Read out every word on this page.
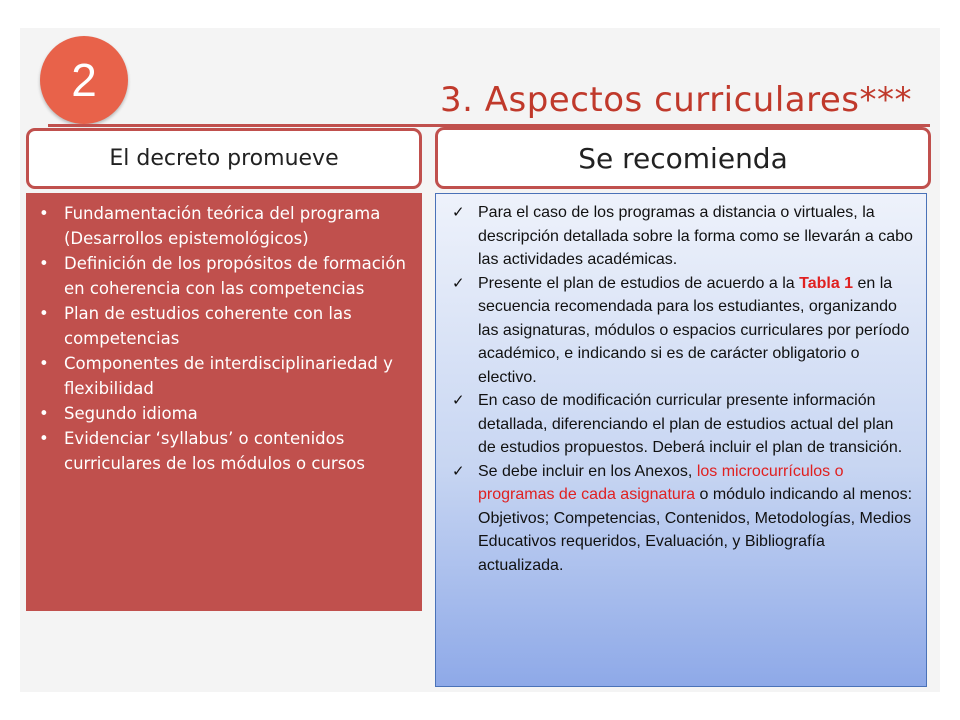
2	3. Aspectos curriculares***
El decreto promueve	Se recomienda
• Fundamentación teórica del programa (Desarrollos epistemológicos)
• Definición de los propósitos de formación en coherencia con las competencias
• Plan de estudios coherente con las competencias
• Componentes de interdisciplinariedad y flexibilidad
• Segundo idioma
• Evidenciar ‘syllabus’ o contenidos curriculares de los módulos o cursos
✓ Para el caso de los programas a distancia o virtuales, la descripción detallada sobre la forma como se llevarán a cabo las actividades académicas.
✓ Presente el plan de estudios de acuerdo a la Tabla 1 en la secuencia recomendada para los estudiantes, organizando las asignaturas, módulos o espacios curriculares por período académico, e indicando si es de carácter obligatorio o electivo.
✓ En caso de modificación curricular presente información detallada, diferenciando el plan de estudios actual del plan de estudios propuestos. Deberá incluir el plan de transición.
✓ Se debe incluir en los Anexos, los microcurrículos o programas de cada asignatura o módulo indicando al menos: Objetivos; Competencias, Contenidos, Metodologías, Medios Educativos requeridos, Evaluación, y Bibliografía actualizada.
